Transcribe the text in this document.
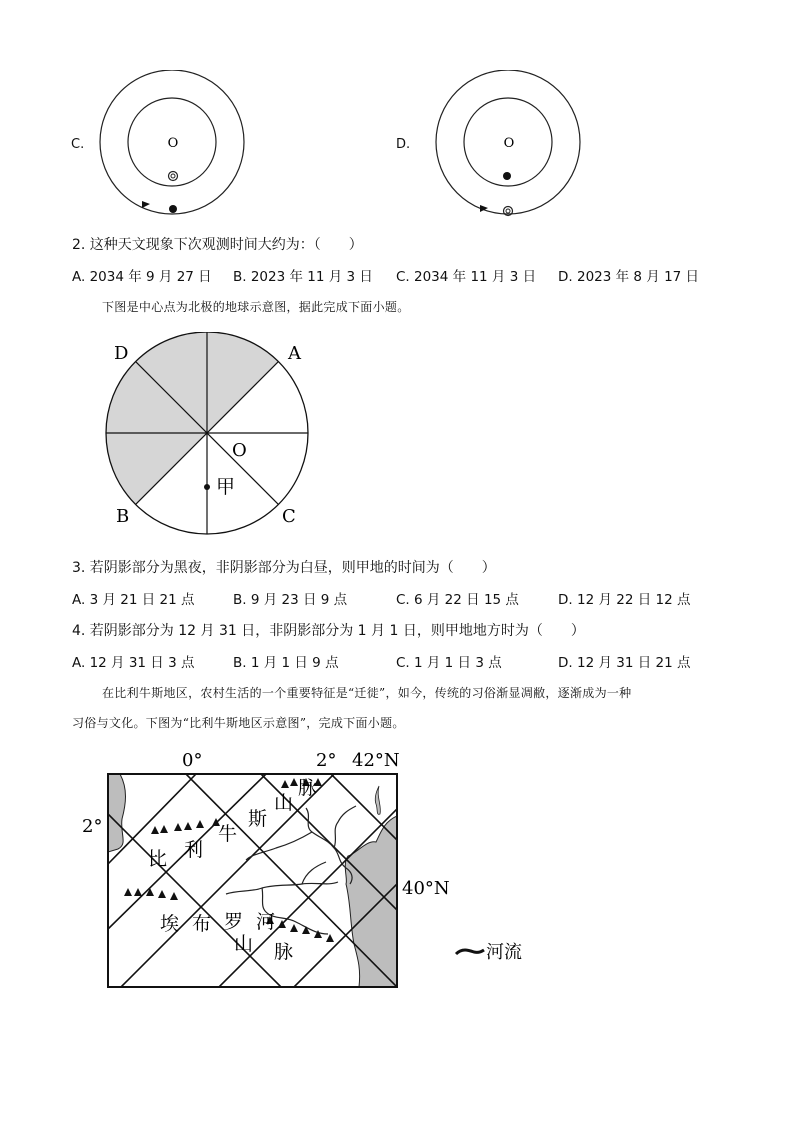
C.	O	D.	O
2. 这种天文现象下次观测时间大约为：（　　）
A. 2034 年 9 月 27 日 B. 2023 年 11 月 3 日 C. 2034 年 11 月 3 日 D. 2023 年 8 月 17 日
下图是中心点为北极的地球示意图，据此完成下面小题。
甲
O
A
D
B	C
3. 若阴影部分为黑夜，非阴影部分为白昼，则甲地的时间为（　　）
A. 3 月 21 日 21 点	B. 9 月 23 日 9 点	C. 6 月 22 日 15 点	D. 12 月 22 日 12 点
4. 若阴影部分为 12 月 31 日，非阴影部分为 1 月 1 日，则甲地地方时为（　　）
A. 12 月 31 日 3 点	B. 1 月 1 日 9 点	C. 1 月 1 日 3 点	D. 12 月 31 日 21 点
在比利牛斯地区，农村生活的一个重要特征是“迁徙”，如今，传统的习俗渐显凋敝，逐渐成为一种
习俗与文化。下图为“比利牛斯地区示意图”，完成下面小题。
0°	2° 42°N
2°
40°N
比 利
牛
斯
山
脉
埃 布 罗 河
山 脉	河流
